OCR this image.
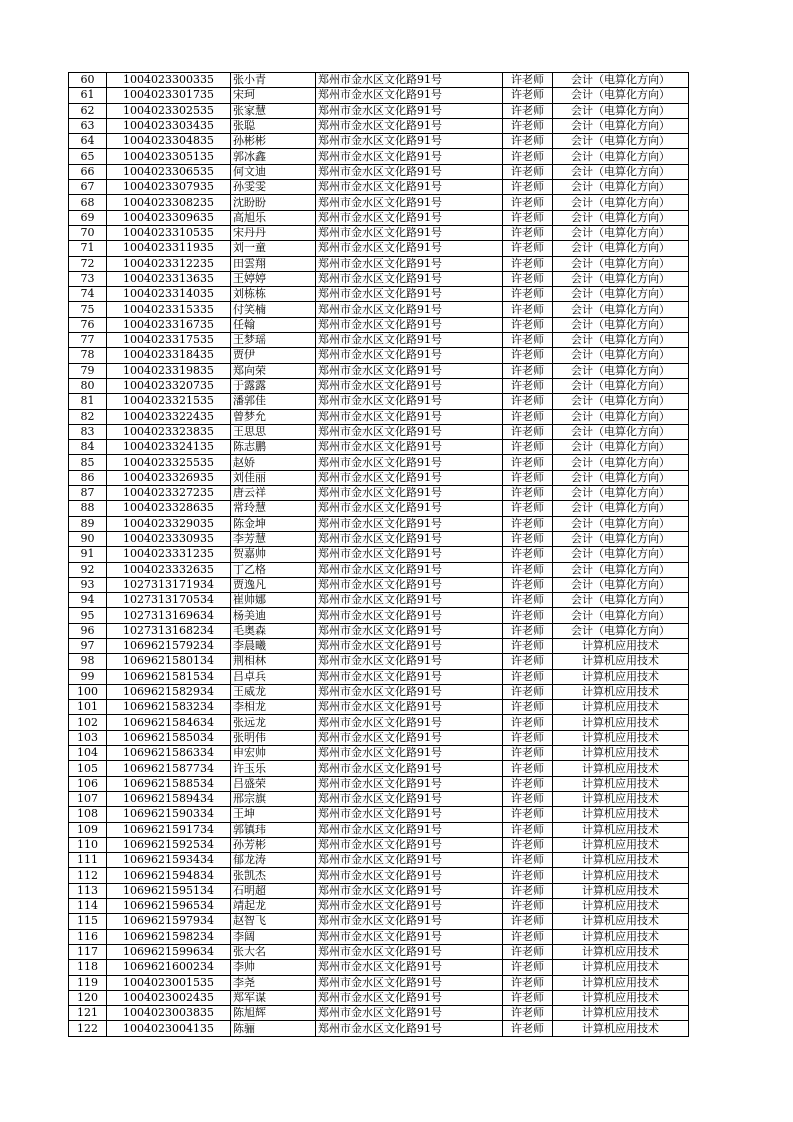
60	1004023300335	张小青	郑州市金水区文化路91号	许老师	会计（电算化方向）
61	1004023301735	宋珂	郑州市金水区文化路91号	许老师	会计（电算化方向）
62	1004023302535	张家慧	郑州市金水区文化路91号	许老师	会计（电算化方向）
63	1004023303435	张聪	郑州市金水区文化路91号	许老师	会计（电算化方向）
64	1004023304835	孙彬彬	郑州市金水区文化路91号	许老师	会计（电算化方向）
65	1004023305135	郭冰鑫	郑州市金水区文化路91号	许老师	会计（电算化方向）
66	1004023306535	何文迪	郑州市金水区文化路91号	许老师	会计（电算化方向）
67	1004023307935	孙雯雯	郑州市金水区文化路91号	许老师	会计（电算化方向）
68	1004023308235	沈盼盼	郑州市金水区文化路91号	许老师	会计（电算化方向）
69	1004023309635	高旭乐	郑州市金水区文化路91号	许老师	会计（电算化方向）
70	1004023310535	宋丹丹	郑州市金水区文化路91号	许老师	会计（电算化方向）
71	1004023311935	刘一童	郑州市金水区文化路91号	许老师	会计（电算化方向）
72	1004023312235	田雲翔	郑州市金水区文化路91号	许老师	会计（电算化方向）
73	1004023313635	王婷婷	郑州市金水区文化路91号	许老师	会计（电算化方向）
74	1004023314035	刘栋栋	郑州市金水区文化路91号	许老师	会计（电算化方向）
75	1004023315335	付笑楠	郑州市金水区文化路91号	许老师	会计（电算化方向）
76	1004023316735	任翰	郑州市金水区文化路91号	许老师	会计（电算化方向）
77	1004023317535	王梦瑶	郑州市金水区文化路91号	许老师	会计（电算化方向）
78	1004023318435	贾伊	郑州市金水区文化路91号	许老师	会计（电算化方向）
79	1004023319835	郑向荣	郑州市金水区文化路91号	许老师	会计（电算化方向）
80	1004023320735	于露露	郑州市金水区文化路91号	许老师	会计（电算化方向）
81	1004023321535	潘郭佳	郑州市金水区文化路91号	许老师	会计（电算化方向）
82	1004023322435	曾梦允	郑州市金水区文化路91号	许老师	会计（电算化方向）
83	1004023323835	王思思	郑州市金水区文化路91号	许老师	会计（电算化方向）
84	1004023324135	陈志鹏	郑州市金水区文化路91号	许老师	会计（电算化方向）
85	1004023325535	赵娇	郑州市金水区文化路91号	许老师	会计（电算化方向）
86	1004023326935	刘佳丽	郑州市金水区文化路91号	许老师	会计（电算化方向）
87	1004023327235	唐云祥	郑州市金水区文化路91号	许老师	会计（电算化方向）
88	1004023328635	常玲慧	郑州市金水区文化路91号	许老师	会计（电算化方向）
89	1004023329035	陈金坤	郑州市金水区文化路91号	许老师	会计（电算化方向）
90	1004023330935	李芳慧	郑州市金水区文化路91号	许老师	会计（电算化方向）
91	1004023331235	贺嘉帅	郑州市金水区文化路91号	许老师	会计（电算化方向）
92	1004023332635	丁乙格	郑州市金水区文化路91号	许老师	会计（电算化方向）
93	1027313171934	贾逸凡	郑州市金水区文化路91号	许老师	会计（电算化方向）
94	1027313170534	崔帅娜	郑州市金水区文化路91号	许老师	会计（电算化方向）
95	1027313169634	杨美迪	郑州市金水区文化路91号	许老师	会计（电算化方向）
96	1027313168234	毛奥森	郑州市金水区文化路91号	许老师	会计（电算化方向）
97	1069621579234	李晨曦	郑州市金水区文化路91号	许老师	计算机应用技术
98	1069621580134	荆相林	郑州市金水区文化路91号	许老师	计算机应用技术
99	1069621581534	吕卓兵	郑州市金水区文化路91号	许老师	计算机应用技术
100	1069621582934	王威龙	郑州市金水区文化路91号	许老师	计算机应用技术
101	1069621583234	李相龙	郑州市金水区文化路91号	许老师	计算机应用技术
102	1069621584634	张远龙	郑州市金水区文化路91号	许老师	计算机应用技术
103	1069621585034	张明伟	郑州市金水区文化路91号	许老师	计算机应用技术
104	1069621586334	申宏帅	郑州市金水区文化路91号	许老师	计算机应用技术
105	1069621587734	许玉乐	郑州市金水区文化路91号	许老师	计算机应用技术
106	1069621588534	吕盛荣	郑州市金水区文化路91号	许老师	计算机应用技术
107	1069621589434	邢宗旗	郑州市金水区文化路91号	许老师	计算机应用技术
108	1069621590334	王坤	郑州市金水区文化路91号	许老师	计算机应用技术
109	1069621591734	郭镇玮	郑州市金水区文化路91号	许老师	计算机应用技术
110	1069621592534	孙芳彬	郑州市金水区文化路91号	许老师	计算机应用技术
111	1069621593434	郁龙涛	郑州市金水区文化路91号	许老师	计算机应用技术
112	1069621594834	张凯杰	郑州市金水区文化路91号	许老师	计算机应用技术
113	1069621595134	石明超	郑州市金水区文化路91号	许老师	计算机应用技术
114	1069621596534	靖起龙	郑州市金水区文化路91号	许老师	计算机应用技术
115	1069621597934	赵智飞	郑州市金水区文化路91号	许老师	计算机应用技术
116	1069621598234	李阔	郑州市金水区文化路91号	许老师	计算机应用技术
117	1069621599634	张大名	郑州市金水区文化路91号	许老师	计算机应用技术
118	1069621600234	李帅	郑州市金水区文化路91号	许老师	计算机应用技术
119	1004023001535	李尧	郑州市金水区文化路91号	许老师	计算机应用技术
120	1004023002435	郑军谋	郑州市金水区文化路91号	许老师	计算机应用技术
121	1004023003835	陈旭辉	郑州市金水区文化路91号	许老师	计算机应用技术
122	1004023004135	陈骊	郑州市金水区文化路91号	许老师	计算机应用技术
